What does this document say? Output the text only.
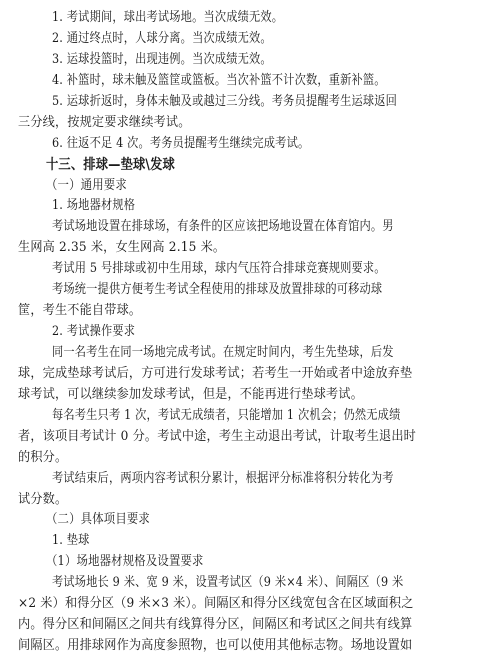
1. 考试期间，球出考试场地。当次成绩无效。
2. 通过终点时，人球分离。当次成绩无效。
3. 运球投篮时，出现违例。当次成绩无效。
4. 补篮时，球未触及篮筐或篮板。当次补篮不计次数，重新补篮。
5. 运球折返时，身体未触及或越过三分线。考务员提醒考生运球返回
三分线，按规定要求继续考试。
6. 往返不足 4 次。考务员提醒考生继续完成考试。
十三、排球—垫球\发球
（一）通用要求
1. 场地器材规格
考试场地设置在排球场，有条件的区应该把场地设置在体育馆内。男
生网高 2.35 米，女生网高 2.15 米。
考试用 5 号排球或初中生用球，球内气压符合排球竞赛规则要求。
考场统一提供方便考生考试全程使用的排球及放置排球的可移动球
筐，考生不能自带球。
2. 考试操作要求
同一名考生在同一场地完成考试。在规定时间内，考生先垫球，后发
球，完成垫球考试后，方可进行发球考试；若考生一开始或者中途放弃垫
球考试，可以继续参加发球考试，但是，不能再进行垫球考试。
每名考生只考 1 次，考试无成绩者，只能增加 1 次机会；仍然无成绩
者，该项目考试计 0 分。考试中途，考生主动退出考试，计取考生退出时
的积分。
考试结束后，两项内容考试积分累计，根据评分标准将积分转化为考
试分数。
（二）具体项目要求
1. 垫球
（1）场地器材规格及设置要求
考试场地长 9 米、宽 9 米，设置考试区（9 米×4 米）、间隔区（9 米
×2 米）和得分区（9 米×3 米）。间隔区和得分区线宽包含在区域面积之
内。得分区和间隔区之间共有线算得分区，间隔区和考试区之间共有线算
间隔区。用排球网作为高度参照物，也可以使用其他标志物。场地设置如
